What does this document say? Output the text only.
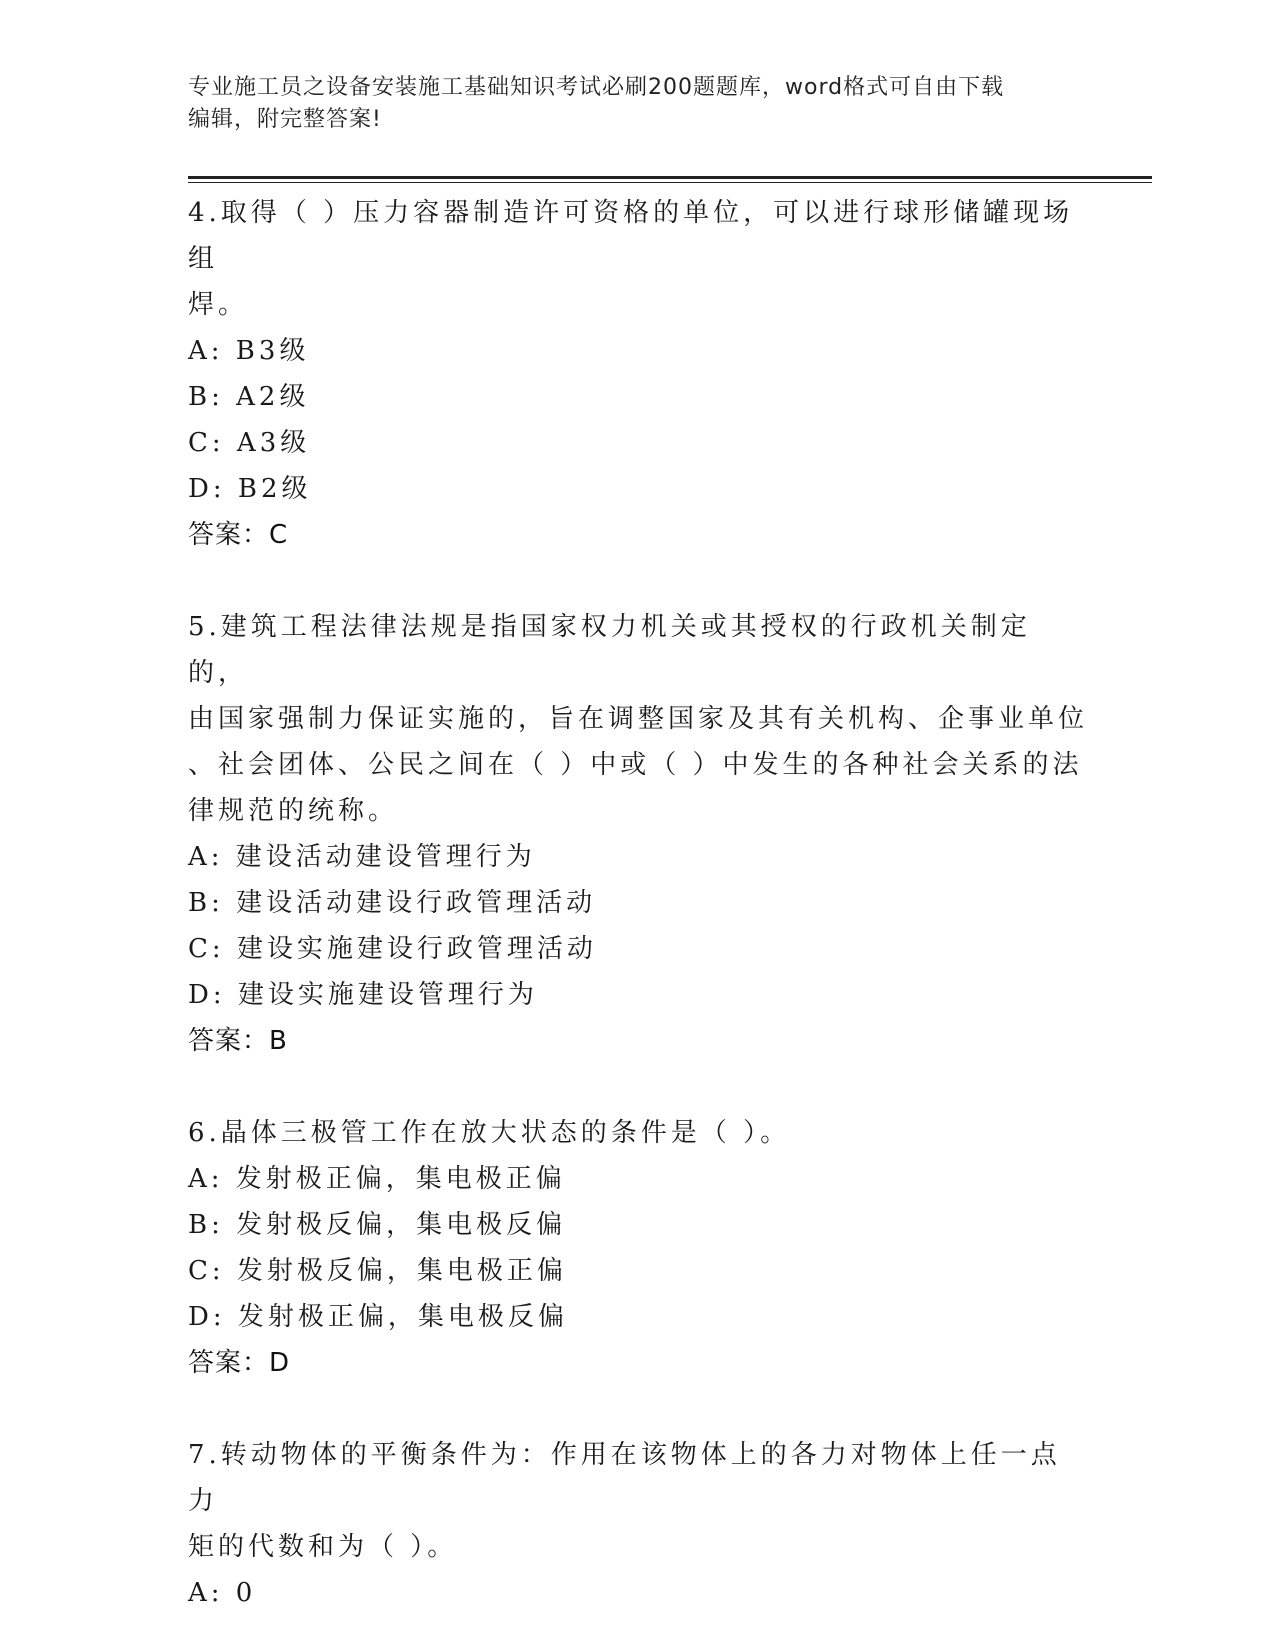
专业施工员之设备安装施工基础知识考试必刷200题题库，word格式可自由下载
编辑，附完整答案!

4.取得（ ）压力容器制造许可资格的单位，可以进行球形储罐现场组

焊。

A: B3级

B: A2级

C: A3级

D: B2级

答案：C

5.建筑工程法律法规是指国家权力机关或其授权的行政机关制定的，

由国家强制力保证实施的，旨在调整国家及其有关机构、企事业单位

、社会团体、公民之间在（ ）中或（ ）中发生的各种社会关系的法

律规范的统称。

A: 建设活动建设管理行为

B: 建设活动建设行政管理活动

C: 建设实施建设行政管理活动

D: 建设实施建设管理行为

答案：B

6.晶体三极管工作在放大状态的条件是（ ）。

A: 发射极正偏，集电极正偏

B: 发射极反偏，集电极反偏

C: 发射极反偏，集电极正偏

D: 发射极正偏，集电极反偏

答案：D

7.转动物体的平衡条件为：作用在该物体上的各力对物体上任一点力

矩的代数和为（ ）。

A: 0
